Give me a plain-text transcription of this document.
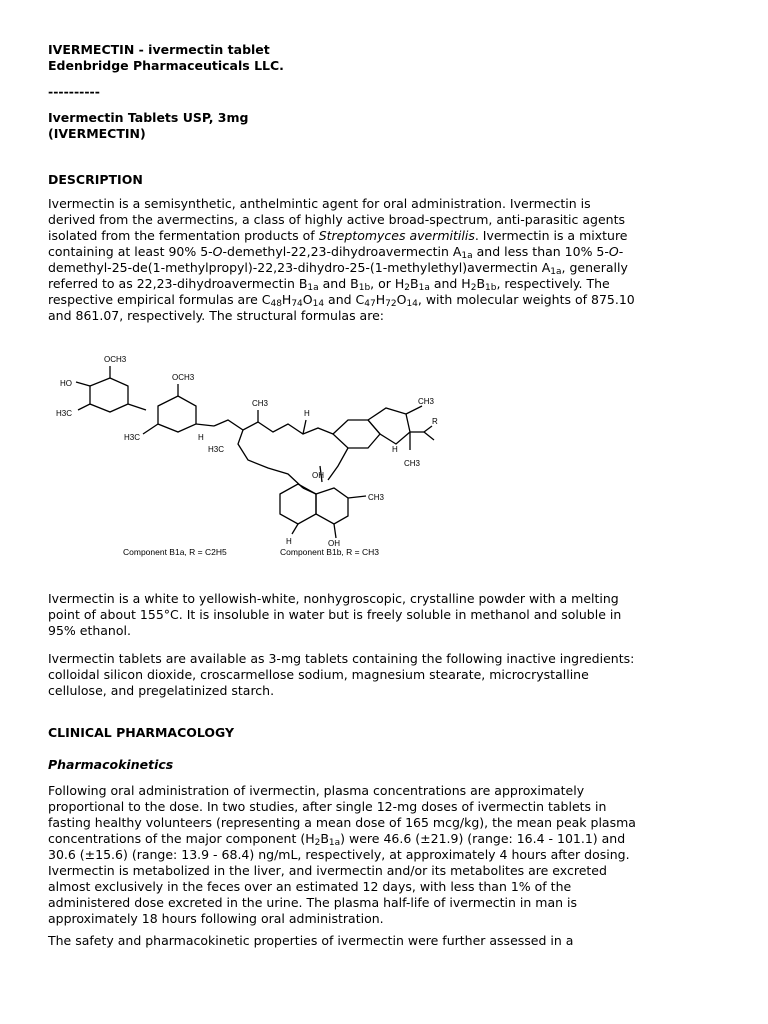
IVERMECTIN - ivermectin tablet

Edenbridge Pharmaceuticals LLC.

----------

Ivermectin Tablets USP, 3mg

(IVERMECTIN)

DESCRIPTION

Ivermectin is a semisynthetic, anthelmintic agent for oral administration. Ivermectin is derived from the avermectins, a class of highly active broad-spectrum, anti-parasitic agents isolated from the fermentation products of Streptomyces avermitilis. Ivermectin is a mixture containing at least 90% 5-O-demethyl-22,23-dihydroavermectin $A_{1a}$ and less than 10% 5-O-demethyl-25-de(1-methylpropyl)-22,23-dihydro-25-(1-methylethyl)avermectin $A_{1a}$, generally referred to as 22,23-dihydroavermectin $B_{1a}$ and $B_{1b}$, or $H_2B_{1a}$ and $H_2B_{1b}$, respectively. The respective empirical formulas are $C_{48}H_{74}O_{14}$ and $C_{47}H_{72}O_{14}$, with molecular weights of 875.10 and 861.07, respectively. The structural formulas are:

OCH3
HO
OCH3
H3C
H3C
CH3
H
H
H3C
CH3
R
H
CH3
OH
CH3
H	OH
Component B1a, R = C2H5	Component B1b, R = CH3

Ivermectin is a white to yellowish-white, nonhygroscopic, crystalline powder with a melting point of about 155°C. It is insoluble in water but is freely soluble in methanol and soluble in 95% ethanol.

Ivermectin tablets are available as 3-mg tablets containing the following inactive ingredients: colloidal silicon dioxide, croscarmellose sodium, magnesium stearate, microcrystalline cellulose, and pregelatinized starch.

CLINICAL PHARMACOLOGY

Pharmacokinetics

Following oral administration of ivermectin, plasma concentrations are approximately proportional to the dose. In two studies, after single 12-mg doses of ivermectin tablets in fasting healthy volunteers (representing a mean dose of 165 mcg/kg), the mean peak plasma concentrations of the major component $(H_2B_{1a})$ were 46.6 (±21.9) (range: 16.4 - 101.1) and 30.6 (±15.6) (range: 13.9 - 68.4) ng/mL, respectively, at approximately 4 hours after dosing. Ivermectin is metabolized in the liver, and ivermectin and/or its metabolites are excreted almost exclusively in the feces over an estimated 12 days, with less than 1% of the administered dose excreted in the urine. The plasma half-life of ivermectin in man is approximately 18 hours following oral administration.

The safety and pharmacokinetic properties of ivermectin were further assessed in a
